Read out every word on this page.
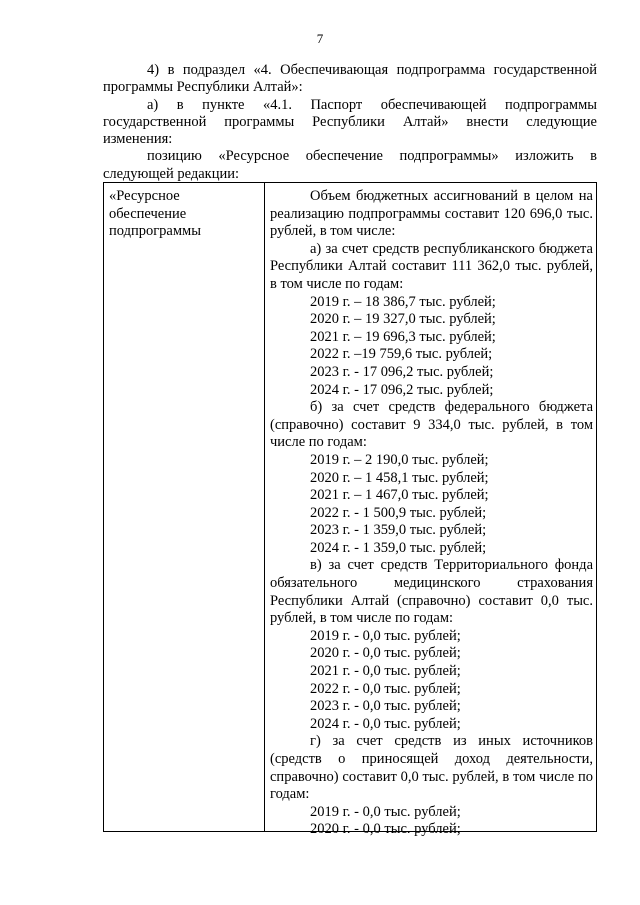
7

4) в подраздел «4. Обеспечивающая подпрограмма государственной программы Республики Алтай»:

а) в пункте «4.1. Паспорт обеспечивающей подпрограммы государственной программы Республики Алтай» внести следующие изменения:

позицию «Ресурсное обеспечение подпрограммы» изложить в следующей редакции:

«Ресурсное
обеспечение
подпрограммы

Объем бюджетных ассигнований в целом на реализацию подпрограммы составит 120 696,0 тыс. рублей, в том числе:

а) за счет средств республиканского бюджета Республики Алтай составит 111 362,0 тыс. рублей, в том числе по годам:

2019 г. – 18 386,7 тыс. рублей;

2020 г. – 19 327,0 тыс. рублей;

2021 г. – 19 696,3 тыс. рублей;

2022 г. –19 759,6 тыс. рублей;

2023 г. - 17 096,2 тыс. рублей;

2024 г. - 17 096,2 тыс. рублей;

б) за счет средств федерального бюджета (справочно) составит 9 334,0 тыс. рублей, в том числе по годам:

2019 г. – 2 190,0 тыс. рублей;

2020 г. – 1 458,1 тыс. рублей;

2021 г. – 1 467,0 тыс. рублей;

2022 г. - 1 500,9 тыс. рублей;

2023 г. - 1 359,0 тыс. рублей;

2024 г. - 1 359,0 тыс. рублей;

в) за счет средств Территориального фонда обязательного медицинского страхования Республики Алтай (справочно) составит 0,0 тыс. рублей, в том числе по годам:

2019 г. - 0,0 тыс. рублей;

2020 г. - 0,0 тыс. рублей;

2021 г. - 0,0 тыс. рублей;

2022 г. - 0,0 тыс. рублей;

2023 г. - 0,0 тыс. рублей;

2024 г. - 0,0 тыс. рублей;

г) за счет средств из иных источников (средств о приносящей доход деятельности, справочно) составит 0,0 тыс. рублей, в том числе по годам:

2019 г. - 0,0 тыс. рублей;

2020 г. - 0,0 тыс. рублей;
